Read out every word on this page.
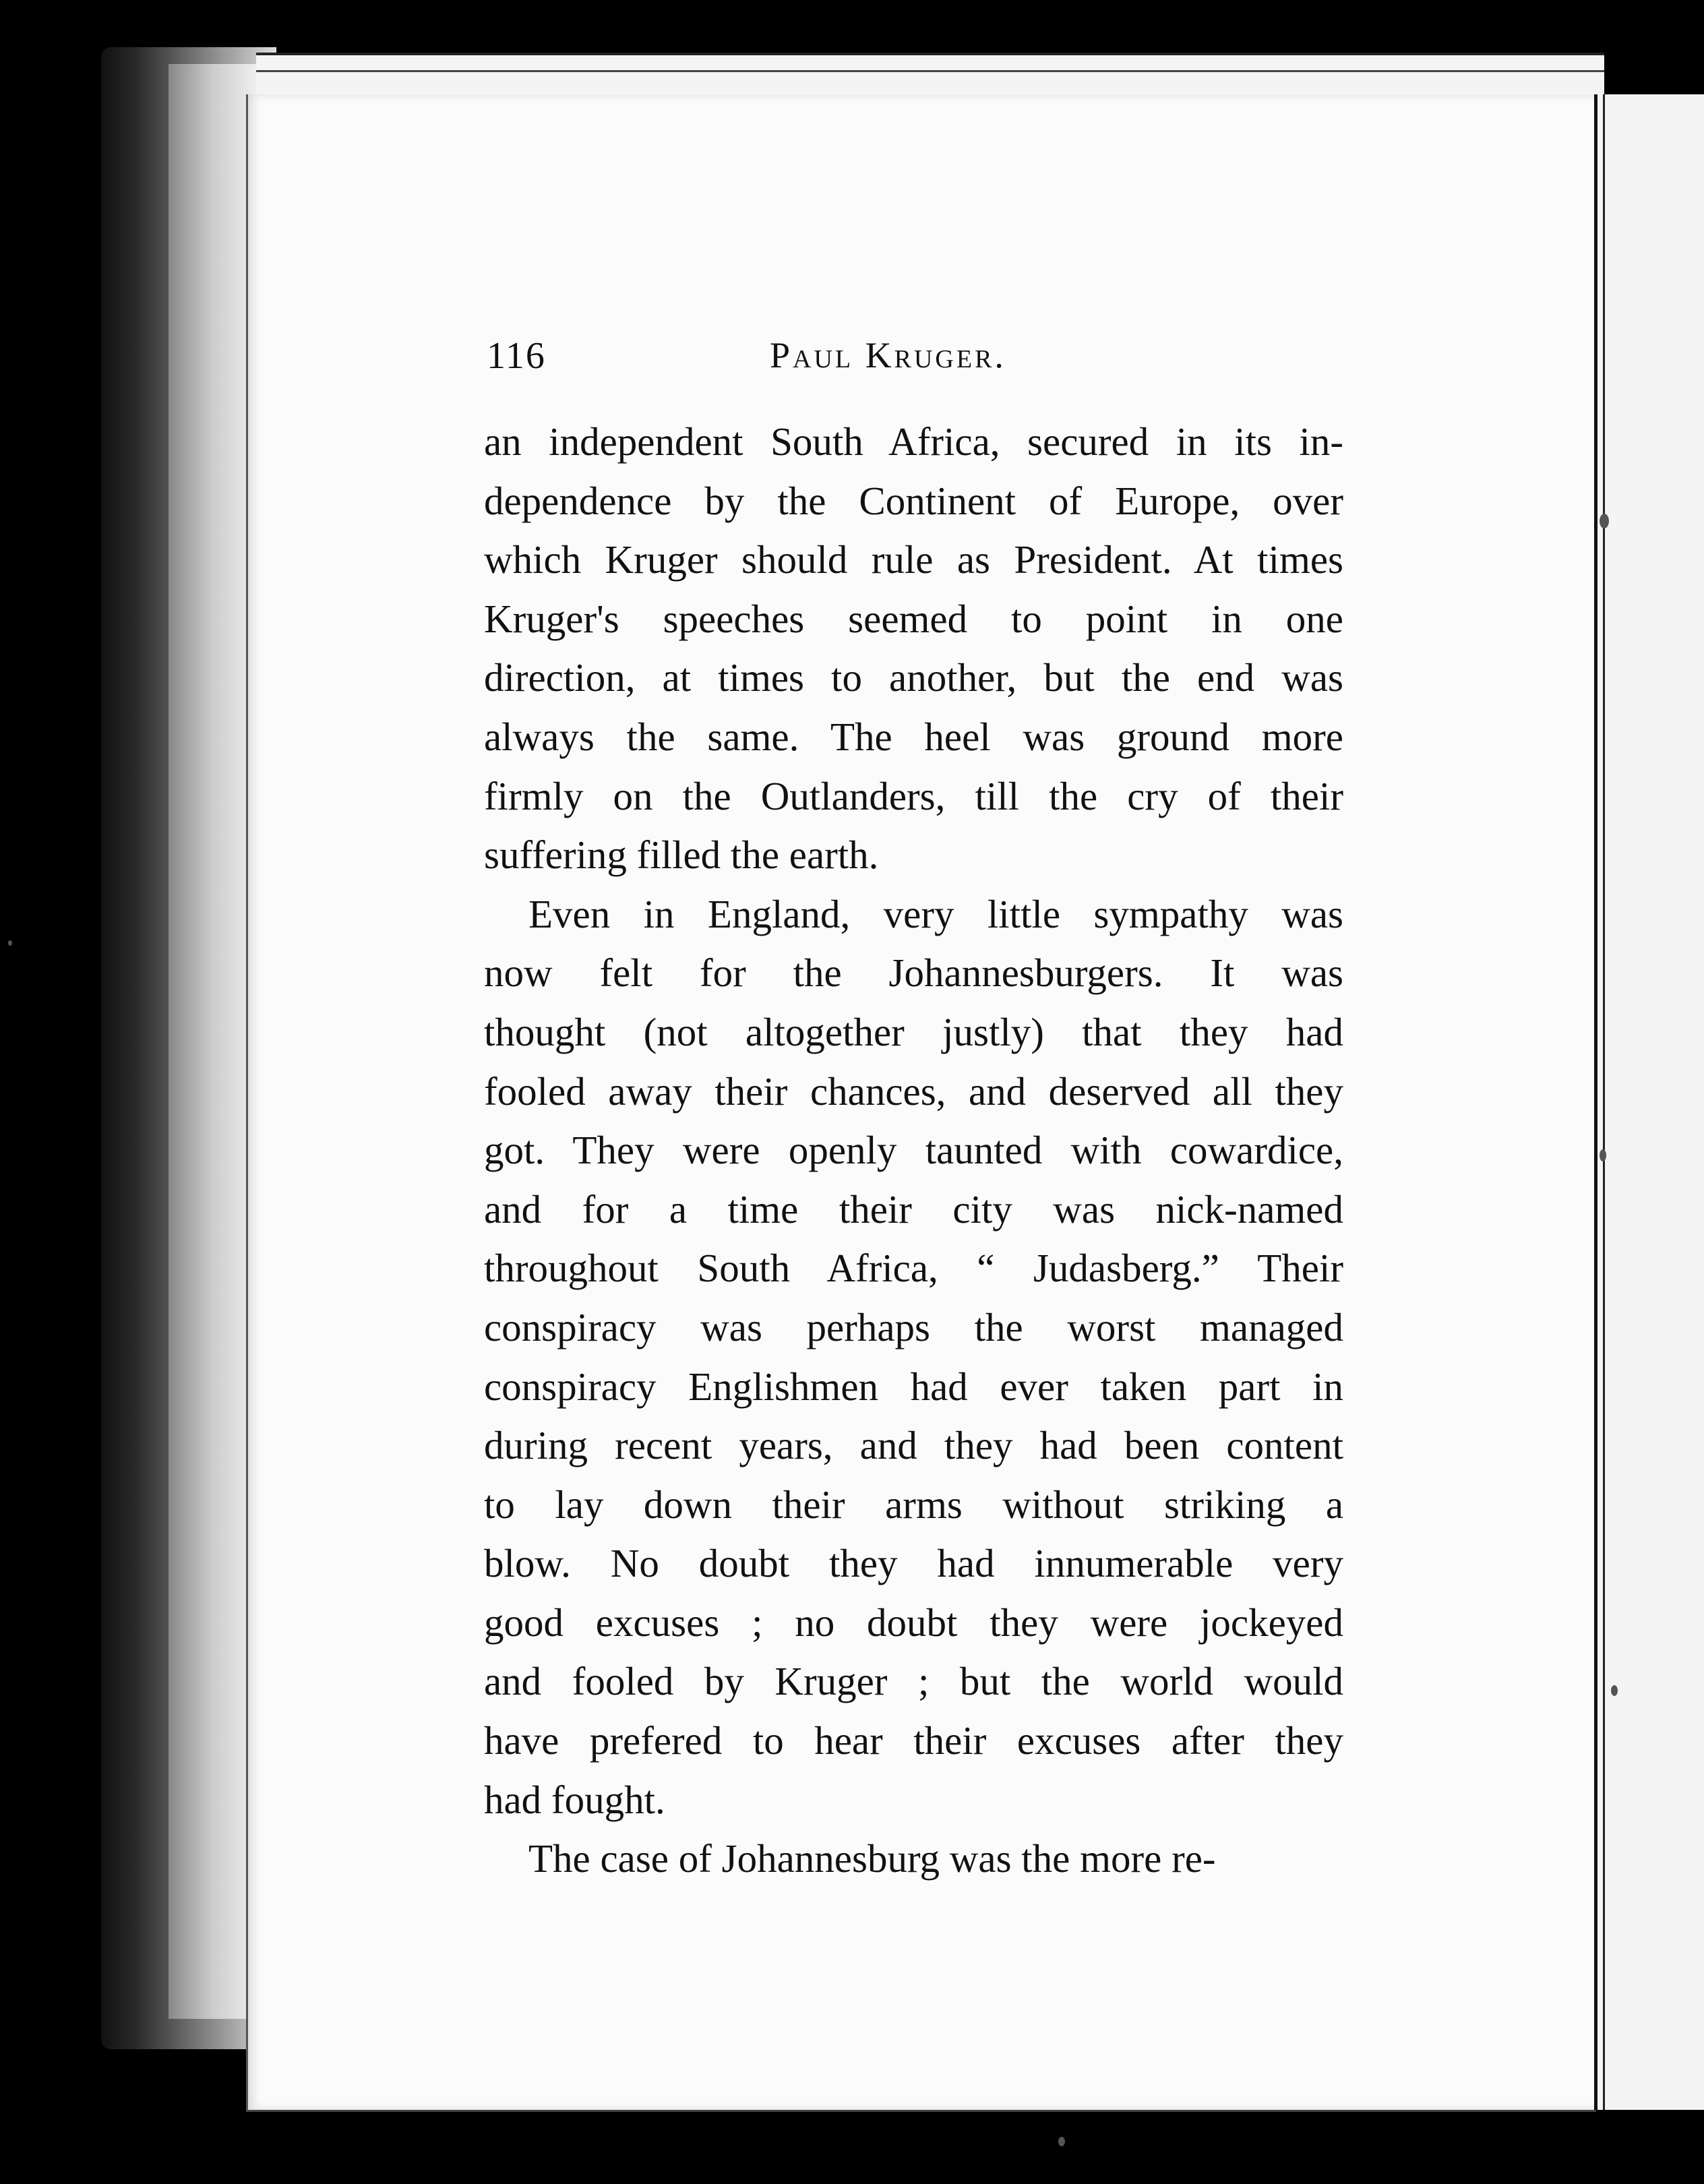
116	Paul Kruger.
an independent South Africa, secured in its in-
dependence by the Continent of Europe, over
which Kruger should rule as President. At times
Kruger's speeches seemed to point in one
direction, at times to another, but the end was
always the same. The heel was ground more
firmly on the Outlanders, till the cry of their
suffering filled the earth.
Even in England, very little sympathy was
now felt for the Johannesburgers. It was
thought (not altogether justly) that they had
fooled away their chances, and deserved all they
got. They were openly taunted with cowardice,
and for a time their city was nick-named
throughout South Africa, “ Judasberg.” Their
conspiracy was perhaps the worst managed
conspiracy Englishmen had ever taken part in
during recent years, and they had been content
to lay down their arms without striking a
blow. No doubt they had innumerable very
good excuses ; no doubt they were jockeyed
and fooled by Kruger ; but the world would
have prefered to hear their excuses after they
had fought.
The case of Johannesburg was the more re-
